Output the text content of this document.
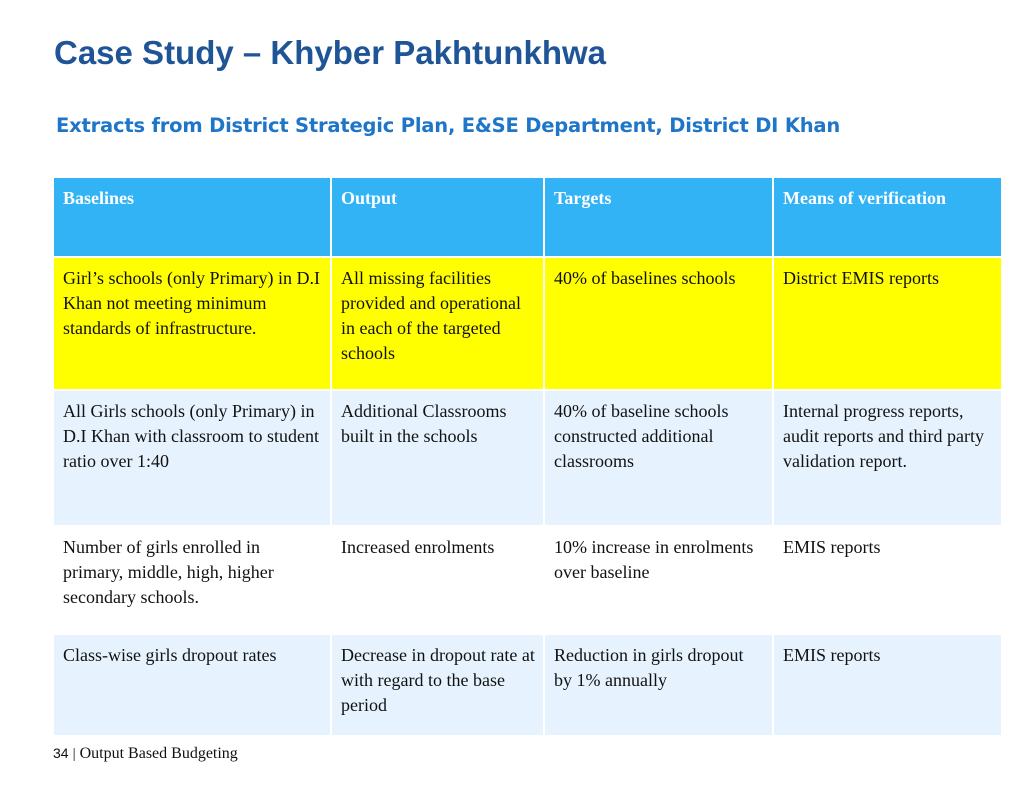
Case Study – Khyber Pakhtunkhwa
Extracts from District Strategic Plan, E&SE Department, District DI Khan
Baselines	Output	Targets	Means of verification
Girl’s schools (only Primary) in D.I Khan not meeting minimum standards of infrastructure.	All missing facilities provided and operational in each of the targeted schools	40% of baselines schools	District EMIS reports
All Girls schools (only Primary) in D.I Khan with classroom to student ratio over 1:40	Additional Classrooms built in the schools	40% of baseline schools constructed additional classrooms	Internal progress reports, audit reports and third party validation report.
Number of girls enrolled in primary, middle, high, higher secondary schools.	Increased enrolments	10% increase in enrolments over baseline	EMIS reports
Class-wise girls dropout rates	Decrease in dropout rate at with regard to the base period	Reduction in girls dropout by 1% annually	EMIS reports
34 | Output Based Budgeting
